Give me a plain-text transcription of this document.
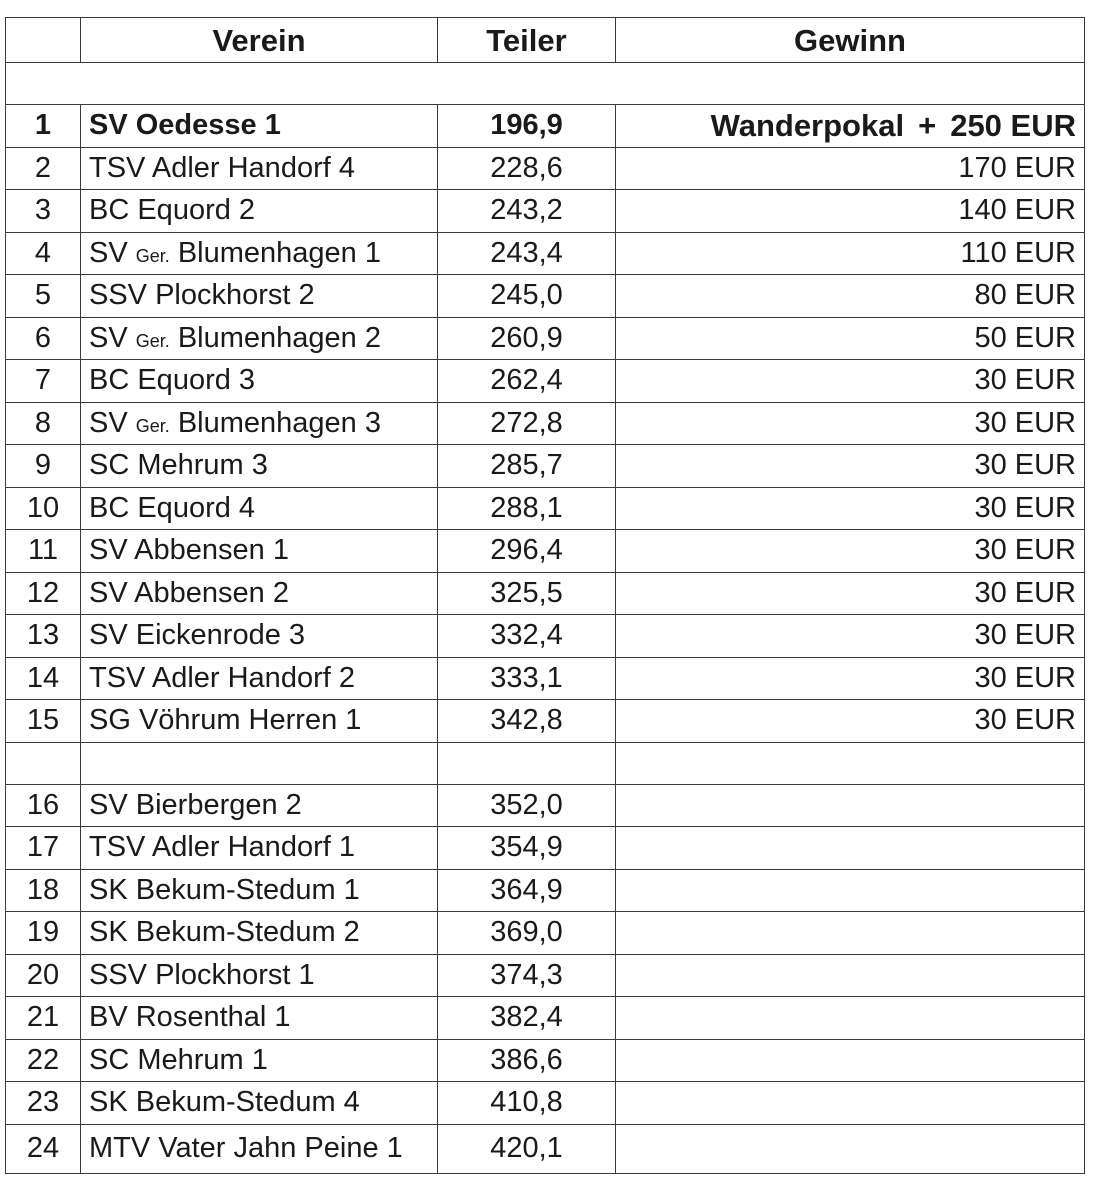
	Verein	Teiler	Gewinn

1	SV Oedesse 1	196,9	Wanderpokal + 250 EUR
2	TSV Adler Handorf 4	228,6	170 EUR
3	BC Equord 2	243,2	140 EUR
4	SV Ger. Blumenhagen 1	243,4	110 EUR
5	SSV Plockhorst 2	245,0	80 EUR
6	SV Ger. Blumenhagen 2	260,9	50 EUR
7	BC Equord 3	262,4	30 EUR
8	SV Ger. Blumenhagen 3	272,8	30 EUR
9	SC Mehrum 3	285,7	30 EUR
10	BC Equord 4	288,1	30 EUR
11	SV Abbensen 1	296,4	30 EUR
12	SV Abbensen 2	325,5	30 EUR
13	SV Eickenrode 3	332,4	30 EUR
14	TSV Adler Handorf 2	333,1	30 EUR
15	SG Vöhrum Herren 1	342,8	30 EUR

16	SV Bierbergen 2	352,0	
17	TSV Adler Handorf 1	354,9	
18	SK Bekum-Stedum 1	364,9	
19	SK Bekum-Stedum 2	369,0	
20	SSV Plockhorst 1	374,3	
21	BV Rosenthal 1	382,4	
22	SC Mehrum 1	386,6	
23	SK Bekum-Stedum 4	410,8	
24	MTV Vater Jahn Peine 1	420,1	
